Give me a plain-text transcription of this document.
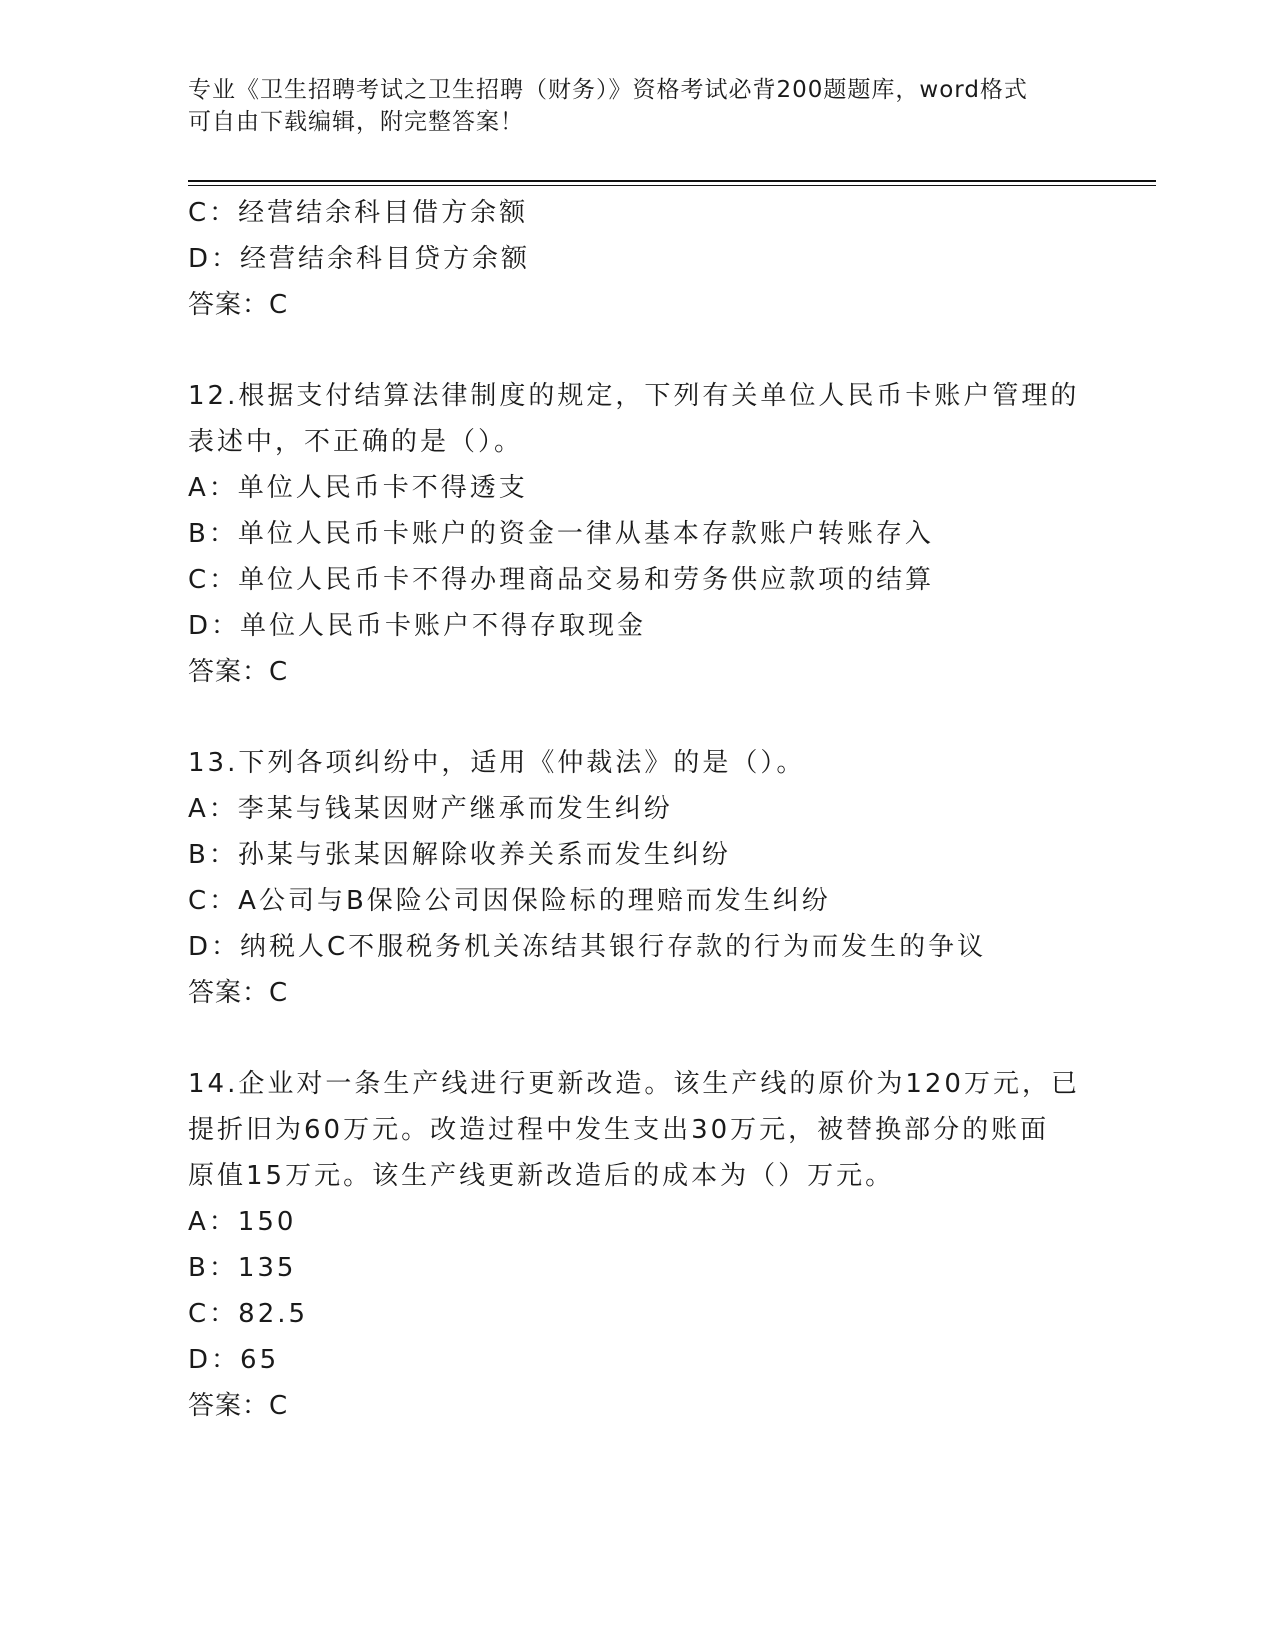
专业《卫生招聘考试之卫生招聘（财务）》资格考试必背200题题库，word格式
可自由下载编辑，附完整答案！
C：经营结余科目借方余额
D：经营结余科目贷方余额
答案：C
12.根据支付结算法律制度的规定，下列有关单位人民币卡账户管理的
表述中，不正确的是（）。
A：单位人民币卡不得透支
B：单位人民币卡账户的资金一律从基本存款账户转账存入
C：单位人民币卡不得办理商品交易和劳务供应款项的结算
D：单位人民币卡账户不得存取现金
答案：C
13.下列各项纠纷中，适用《仲裁法》的是（）。
A：李某与钱某因财产继承而发生纠纷
B：孙某与张某因解除收养关系而发生纠纷
C：A公司与B保险公司因保险标的理赔而发生纠纷
D：纳税人C不服税务机关冻结其银行存款的行为而发生的争议
答案：C
14.企业对一条生产线进行更新改造。该生产线的原价为120万元，已
提折旧为60万元。改造过程中发生支出30万元，被替换部分的账面
原值15万元。该生产线更新改造后的成本为（）万元。
A：150
B：135
C：82.5
D：65
答案：C
